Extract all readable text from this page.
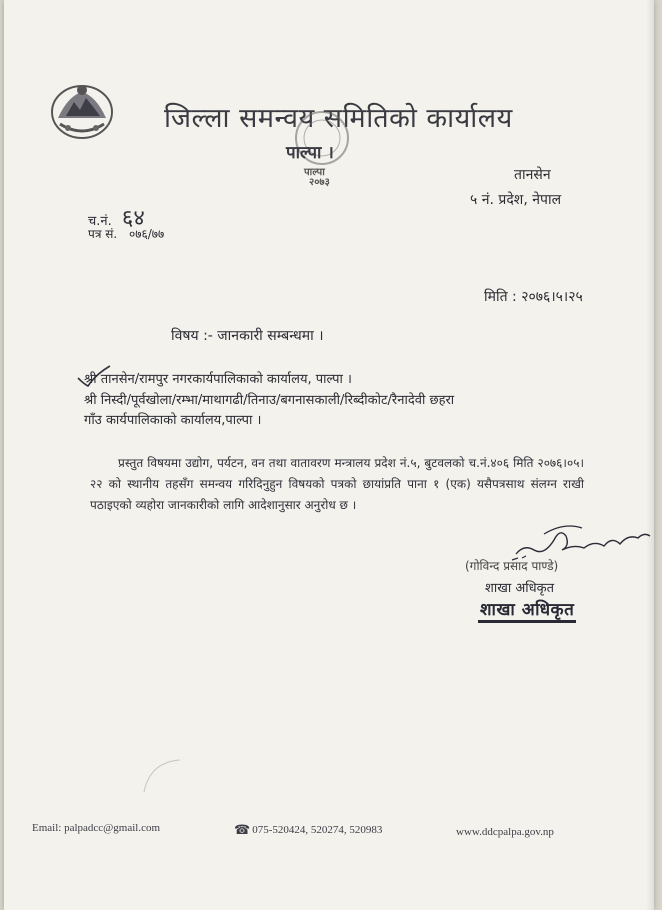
जिल्ला समन्वय समितिको कार्यालय
पाल्पा ।
पाल्पा
२०७३	तानसेन
५ नं. प्रदेश, नेपाल
च.नं. ६४
पत्र सं. ०७६/७७
मिति : २०७६।५।२५
विषय :- जानकारी सम्बन्धमा ।
श्री तानसेन/रामपुर नगरकार्यपालिकाको कार्यालय, पाल्पा ।
श्री निस्दी/पूर्वखोला/रम्भा/माथागढी/तिनाउ/बगनासकाली/रिब्दीकोट/रैनादेवी छहरा
गाँउ कार्यपालिकाको कार्यालय,पाल्पा ।
प्रस्तुत विषयमा उद्योग, पर्यटन, वन तथा वातावरण मन्त्रालय प्रदेश नं.५, बुटवलको च.नं.४०६ मिति २०७६।०५।२२ को स्थानीय तहसँग समन्वय गरिदिनुहुन विषयको पत्रको छायांप्रति पाना १ (एक) यसैपत्रसाथ संलग्न राखी पठाइएको व्यहोरा जानकारीको लागि आदेशानुसार अनुरोध छ ।
(गोविन्द प्रसाद पाण्डे)
शाखा अधिकृत
शाखा अधिकृत
Email: palpadcc@gmail.com	☎ 075-520424, 520274, 520983	www.ddcpalpa.gov.np
